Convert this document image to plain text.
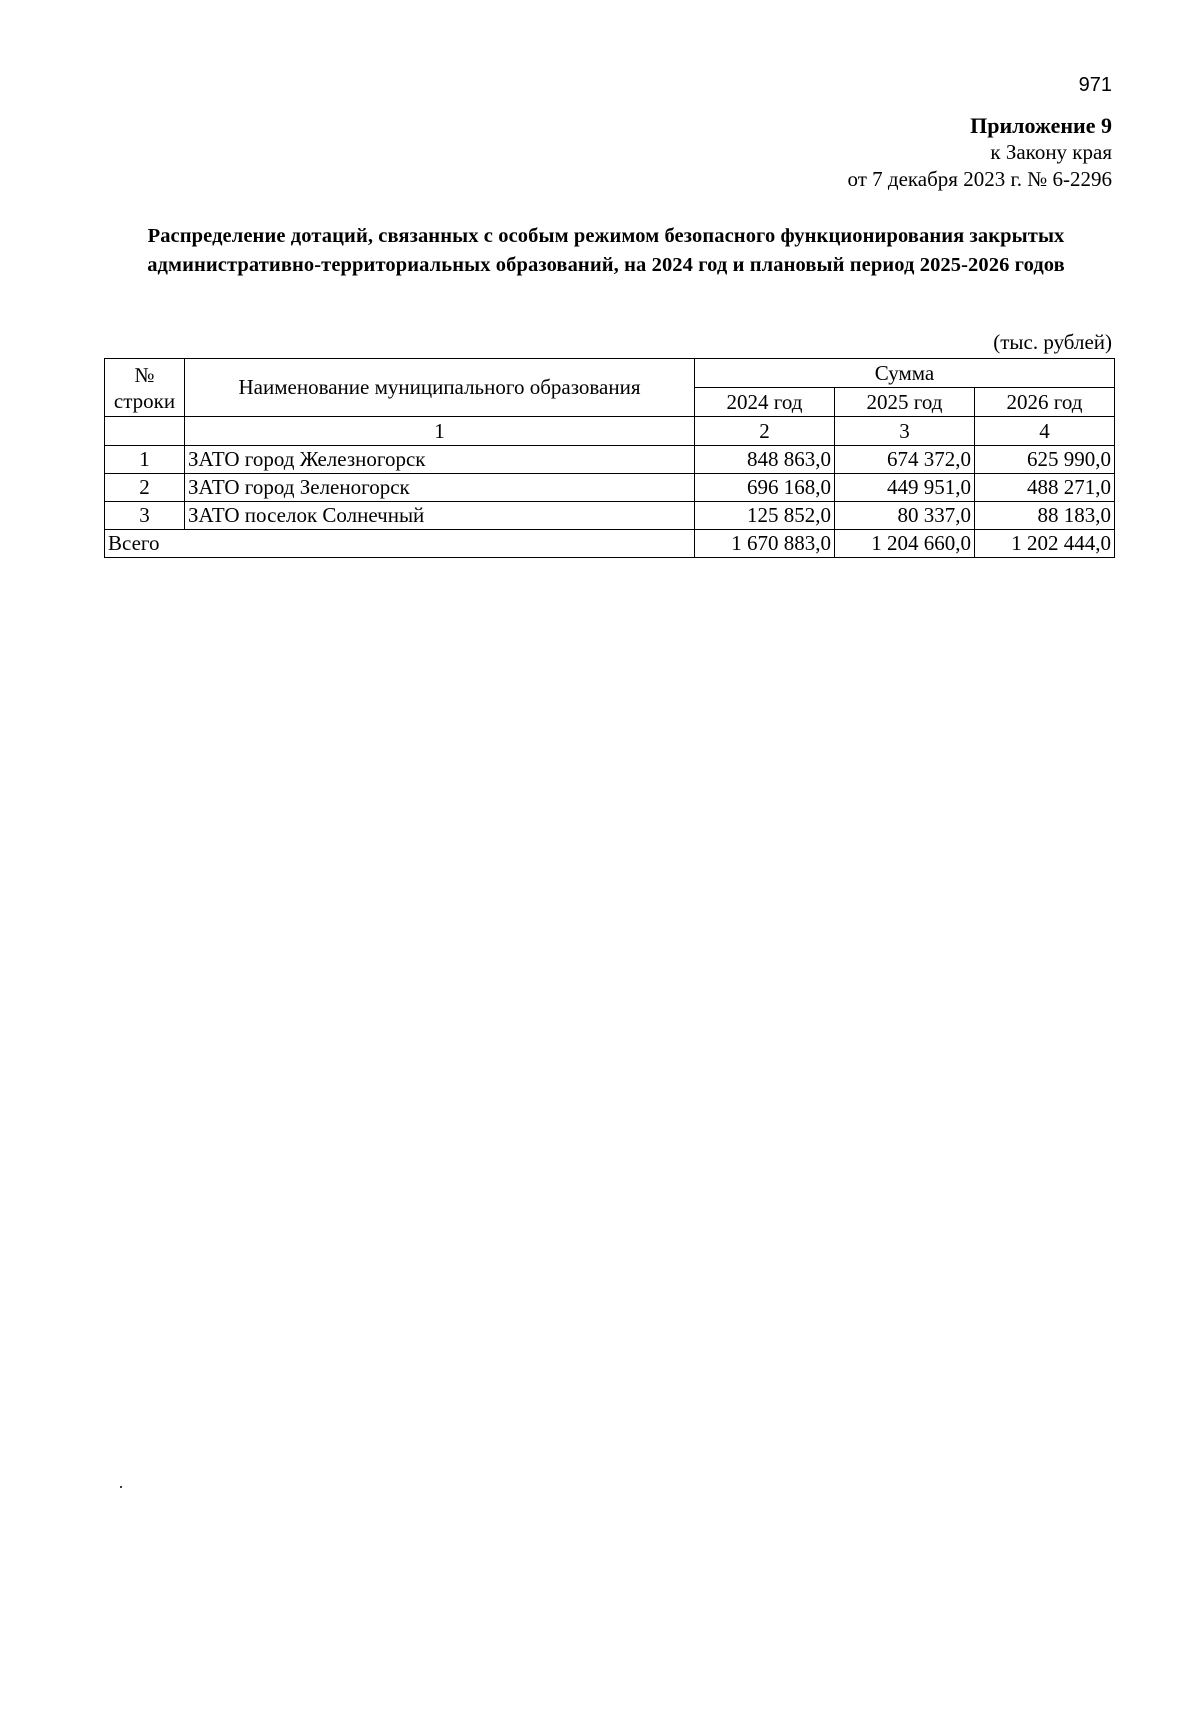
971
Приложение 9
к Закону края
от 7 декабря 2023 г. № 6-2296
Распределение дотаций, связанных с особым режимом безопасного функционирования закрытых
административно-территориальных образований, на 2024 год и плановый период 2025-2026 годов
(тыс. рублей)
№
строки	Наименование муниципального образования	Сумма		
		2024 год	2025 год	2026 год
	1	2	3	4
1	ЗАТО город Железногорск	848 863,0	674 372,0	625 990,0
2	ЗАТО город Зеленогорск	696 168,0	449 951,0	488 271,0
3	ЗАТО поселок Солнечный	125 852,0	80 337,0	88 183,0
Всего		1 670 883,0	1 204 660,0	1 202 444,0
